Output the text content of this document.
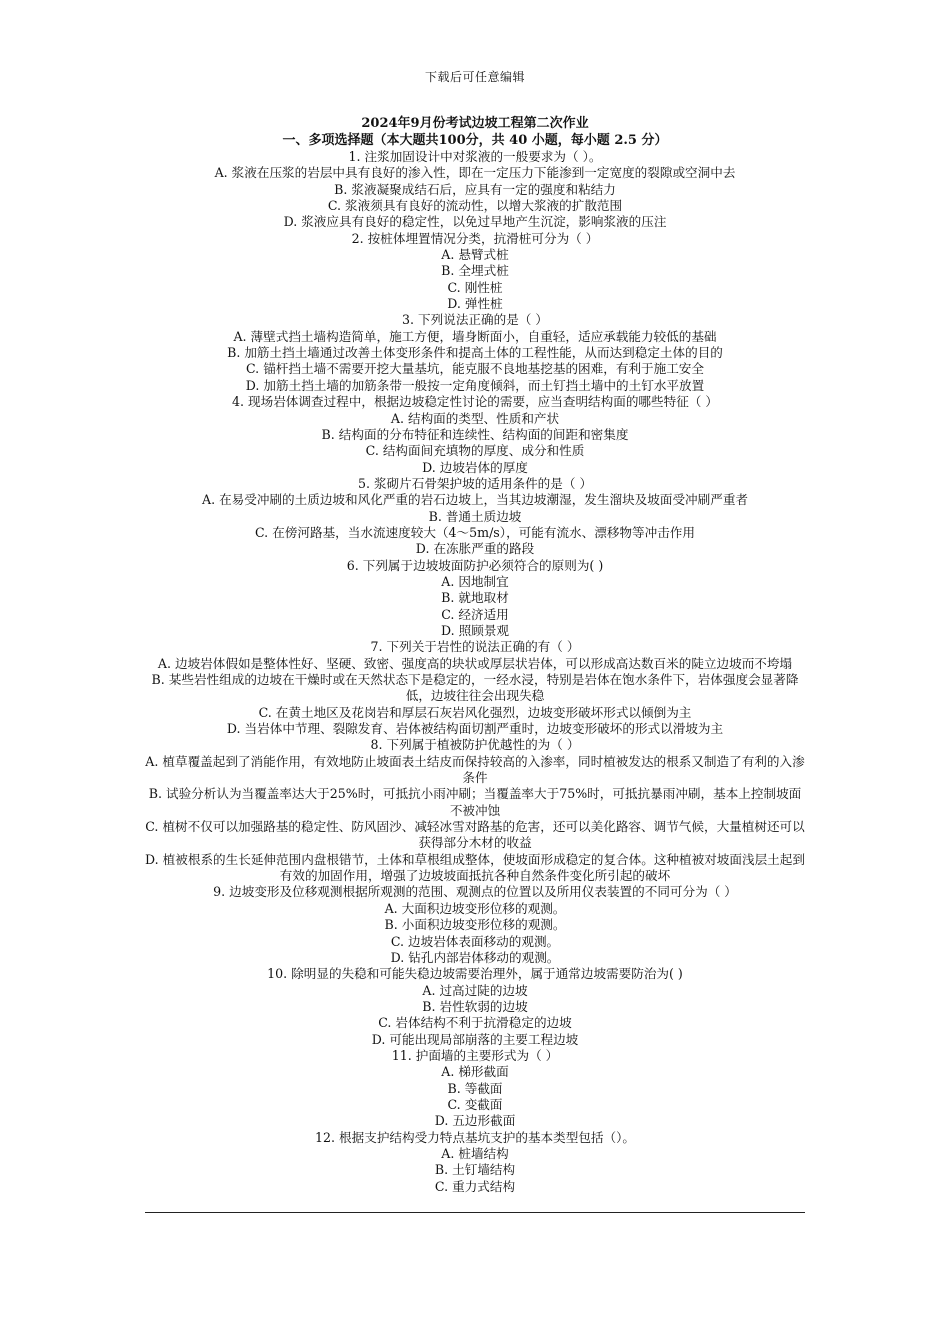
下载后可任意编辑
2024年9月份考试边坡工程第二次作业
一、多项选择题（本大题共100分，共 40 小题，每小题 2.5 分）
1. 注浆加固设计中对浆液的一般要求为（ ）。
A. 浆液在压浆的岩层中具有良好的渗入性，即在一定压力下能渗到一定宽度的裂隙或空洞中去
B. 浆液凝聚成结石后，应具有一定的强度和粘结力
C. 浆液须具有良好的流动性，以增大浆液的扩散范围
D. 浆液应具有良好的稳定性，以免过早地产生沉淀，影响浆液的压注
2. 按桩体埋置情况分类，抗滑桩可分为（ ）
A. 悬臂式桩
B. 全埋式桩
C. 刚性桩
D. 弹性桩
3. 下列说法正确的是（ ）
A. 薄壁式挡土墙构造简单，施工方便，墙身断面小，自重轻，适应承载能力较低的基础
B. 加筋土挡土墙通过改善土体变形条件和提高土体的工程性能，从而达到稳定土体的目的
C. 锚杆挡土墙不需要开挖大量基坑，能克服不良地基挖基的困难，有利于施工安全
D. 加筋土挡土墙的加筋条带一般按一定角度倾斜，而土钉挡土墙中的土钉水平放置
4. 现场岩体调查过程中，根据边坡稳定性讨论的需要，应当查明结构面的哪些特征（ ）
A. 结构面的类型、性质和产状
B. 结构面的分布特征和连续性、结构面的间距和密集度
C. 结构面间充填物的厚度、成分和性质
D. 边坡岩体的厚度
5. 浆砌片石骨架护坡的适用条件的是（ ）
A. 在易受冲刷的土质边坡和风化严重的岩石边坡上，当其边坡潮湿，发生溜块及坡面受冲刷严重者
B. 普通土质边坡
C. 在傍河路基，当水流速度较大（4～5m/s），可能有流水、漂移物等冲击作用
D. 在冻胀严重的路段
6. 下列属于边坡坡面防护必须符合的原则为( )
A. 因地制宜
B. 就地取材
C. 经济适用
D. 照顾景观
7. 下列关于岩性的说法正确的有（ ）
A. 边坡岩体假如是整体性好、坚硬、致密、强度高的块状或厚层状岩体，可以形成高达数百米的陡立边坡而不垮塌
B. 某些岩性组成的边坡在干燥时或在天然状态下是稳定的，一经水浸，特别是岩体在饱水条件下，岩体强度会显著降低，边坡往往会出现失稳
C. 在黄土地区及花岗岩和厚层石灰岩风化强烈，边坡变形破坏形式以倾倒为主
D. 当岩体中节理、裂隙发育、岩体被结构面切割严重时，边坡变形破坏的形式以滑坡为主
8. 下列属于植被防护优越性的为（ ）
A. 植草覆盖起到了消能作用，有效地防止坡面表土结皮而保持较高的入渗率，同时植被发达的根系又制造了有利的入渗条件
B. 试验分析认为当覆盖率达大于25%时，可抵抗小雨冲刷；当覆盖率大于75%时，可抵抗暴雨冲刷，基本上控制坡面不被冲蚀
C. 植树不仅可以加强路基的稳定性、防风固沙、减轻冰雪对路基的危害，还可以美化路容、调节气候，大量植树还可以获得部分木材的收益
D. 植被根系的生长延伸范围内盘根错节，土体和草根组成整体，使坡面形成稳定的复合体。这种植被对坡面浅层土起到有效的加固作用，增强了边坡坡面抵抗各种自然条件变化所引起的破坏
9. 边坡变形及位移观测根据所观测的范围、观测点的位置以及所用仪表装置的不同可分为（ ）
A. 大面积边坡变形位移的观测。
B. 小面积边坡变形位移的观测。
C. 边坡岩体表面移动的观测。
D. 钻孔内部岩体移动的观测。
10. 除明显的失稳和可能失稳边坡需要治理外，属于通常边坡需要防治为( )
A. 过高过陡的边坡
B. 岩性软弱的边坡
C. 岩体结构不利于抗滑稳定的边坡
D. 可能出现局部崩落的主要工程边坡
11. 护面墙的主要形式为（ ）
A. 梯形截面
B. 等截面
C. 变截面
D. 五边形截面
12. 根据支护结构受力特点基坑支护的基本类型包括（）。
A. 桩墙结构
B. 土钉墙结构
C. 重力式结构
